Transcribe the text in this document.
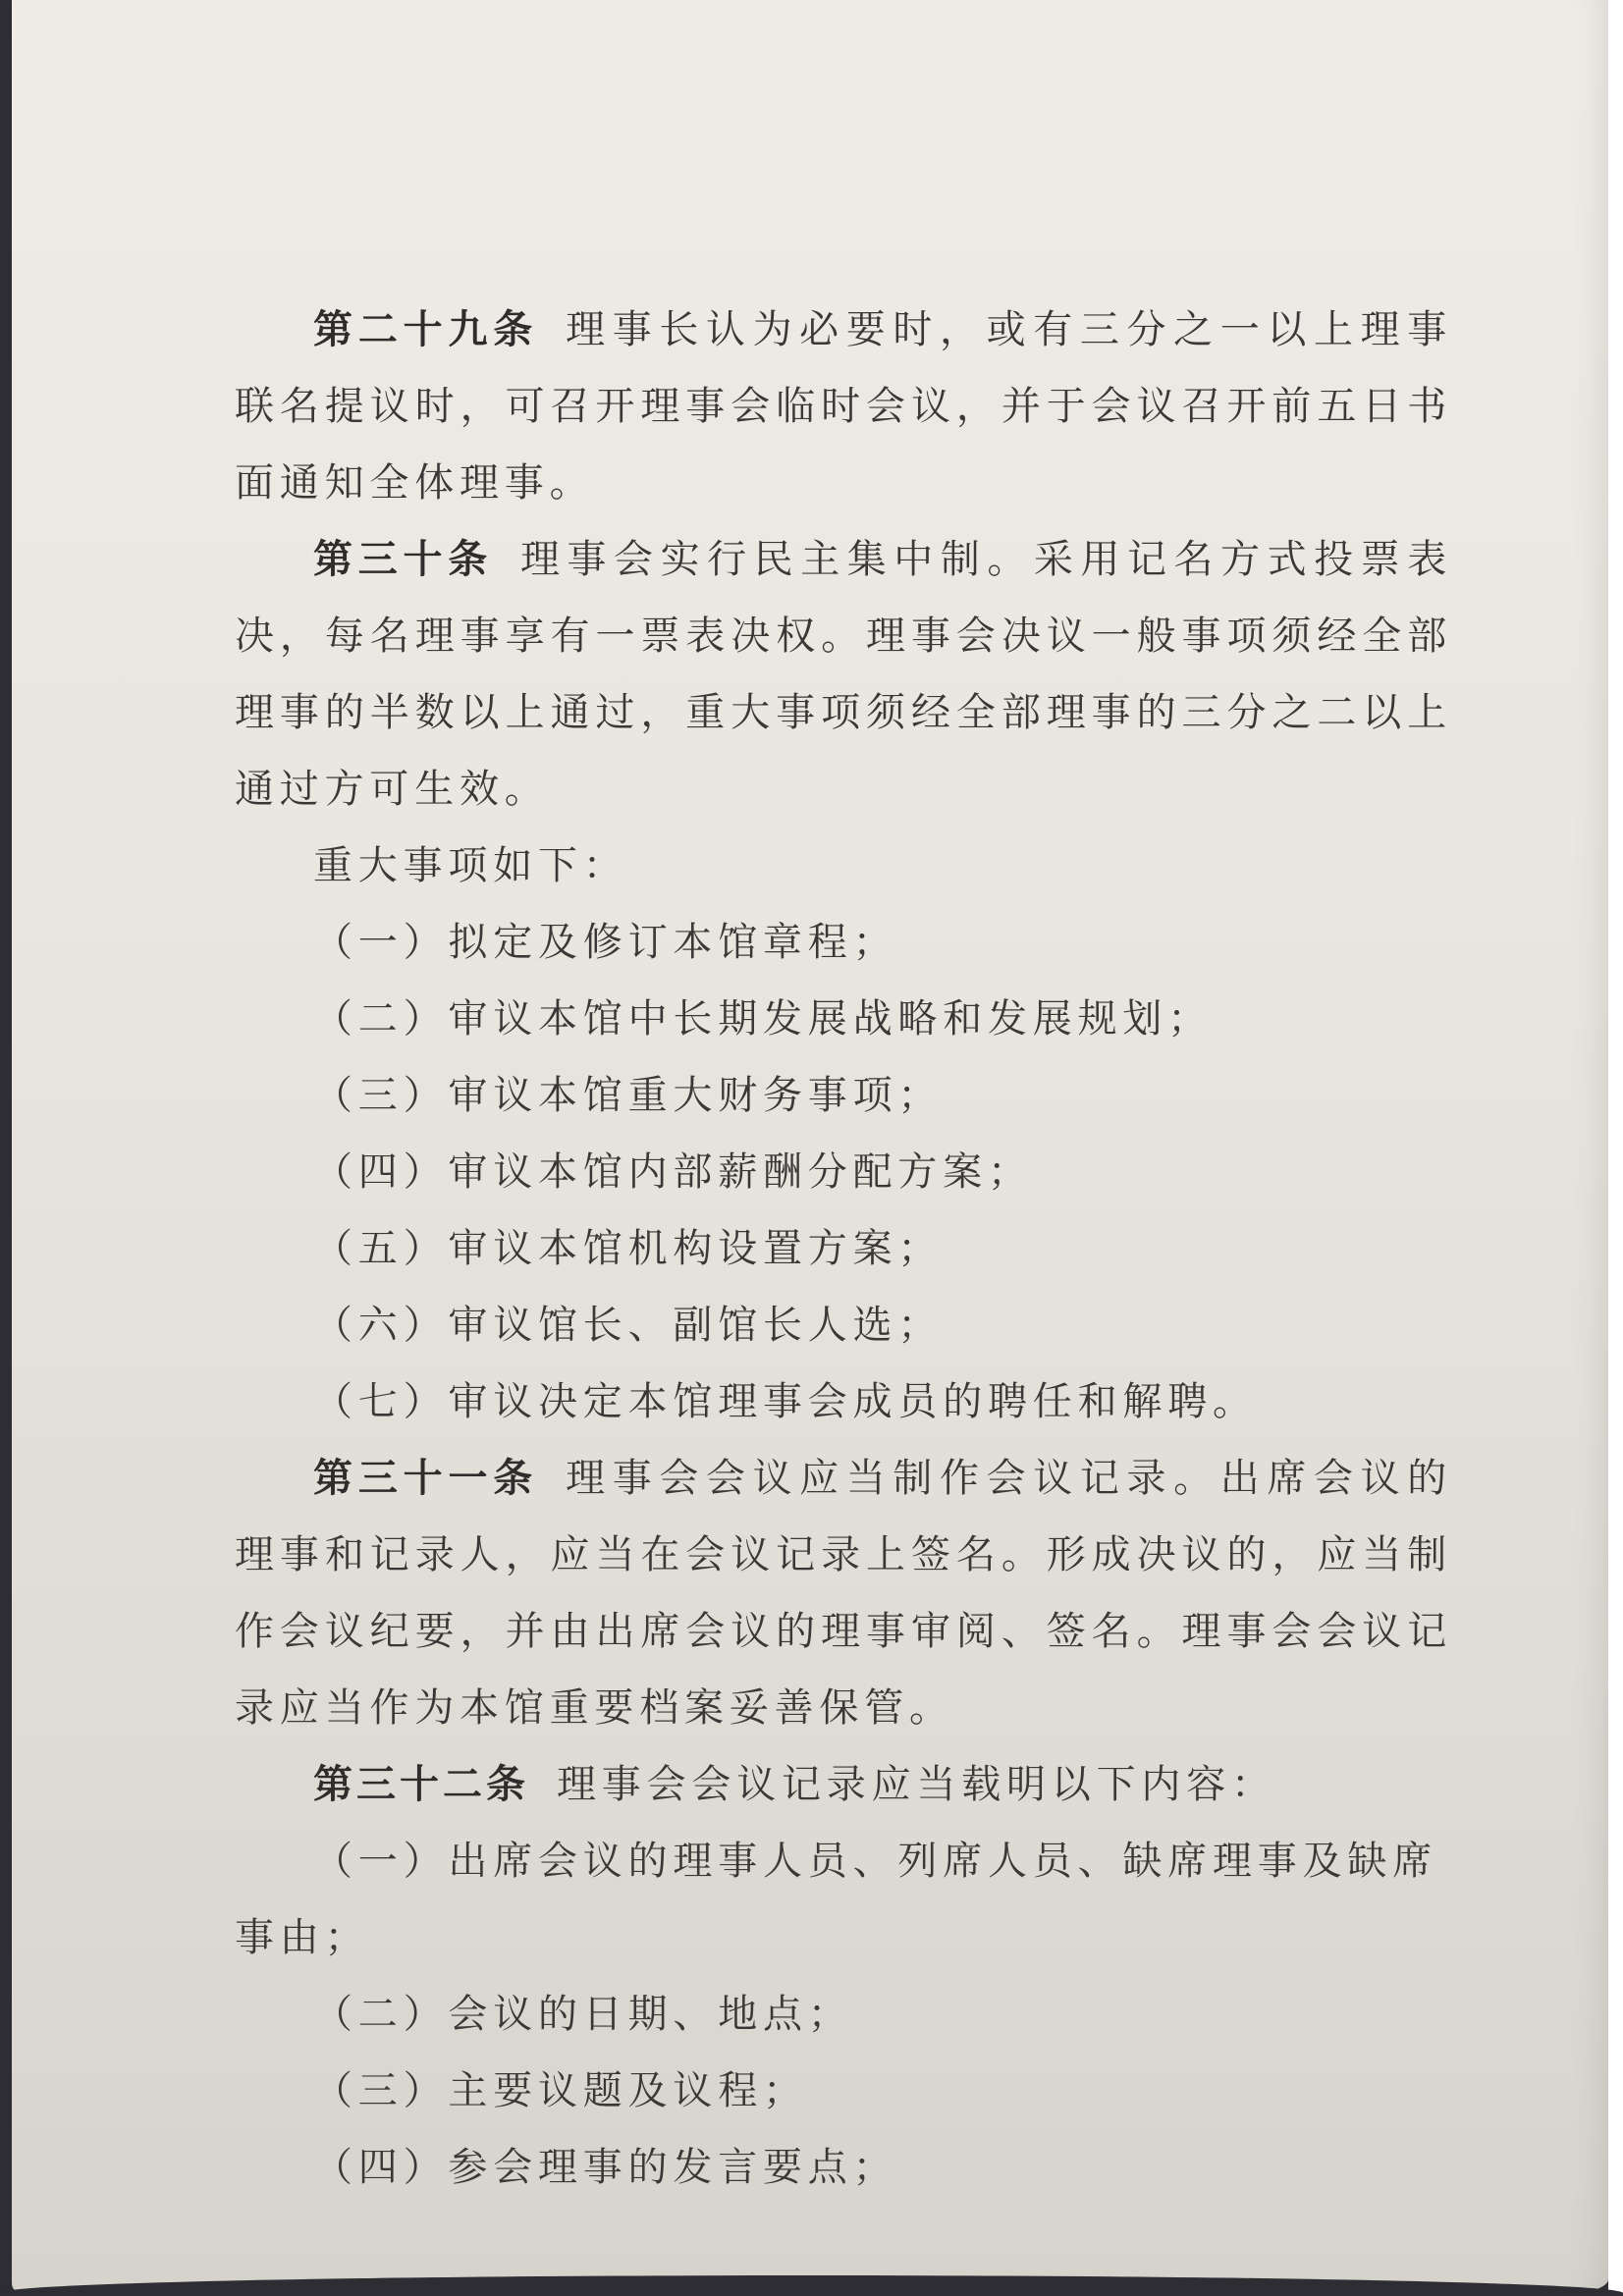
第二十九条 理事长认为必要时，或有三分之一以上理事联名提议时，可召开理事会临时会议，并于会议召开前五日书面通知全体理事。

第三十条 理事会实行民主集中制。采用记名方式投票表决，每名理事享有一票表决权。理事会决议一般事项须经全部理事的半数以上通过，重大事项须经全部理事的三分之二以上通过方可生效。

重大事项如下：

（一）拟定及修订本馆章程；

（二）审议本馆中长期发展战略和发展规划；

（三）审议本馆重大财务事项；

（四）审议本馆内部薪酬分配方案；

（五）审议本馆机构设置方案；

（六）审议馆长、副馆长人选；

（七）审议决定本馆理事会成员的聘任和解聘。

第三十一条 理事会会议应当制作会议记录。出席会议的理事和记录人，应当在会议记录上签名。形成决议的，应当制作会议纪要，并由出席会议的理事审阅、签名。理事会会议记录应当作为本馆重要档案妥善保管。

第三十二条 理事会会议记录应当载明以下内容：

（一）出席会议的理事人员、列席人员、缺席理事及缺席事由；

（二）会议的日期、地点；

（三）主要议题及议程；

（四）参会理事的发言要点；
